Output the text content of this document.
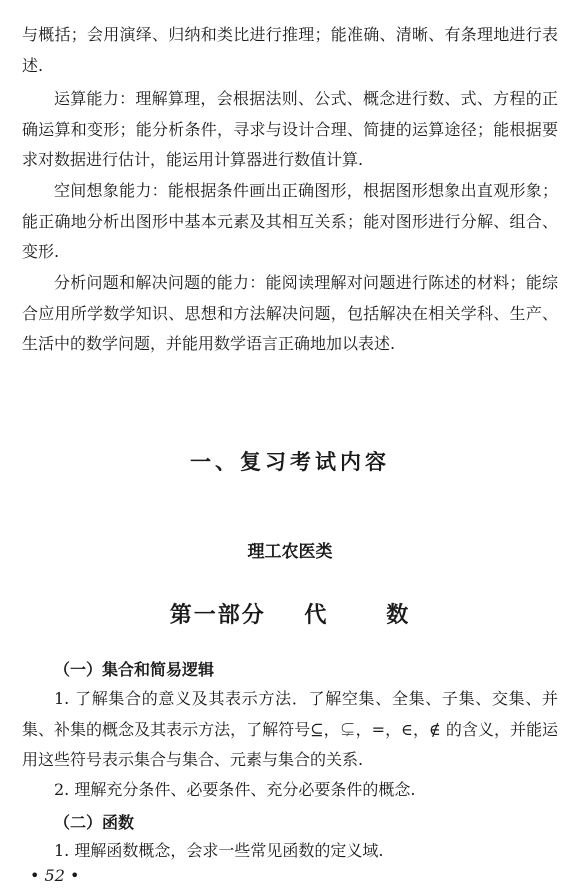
与概括；会用演绎、归纳和类比进行推理；能准确、清晰、有条理地进行表述.

运算能力：理解算理，会根据法则、公式、概念进行数、式、方程的正确运算和变形；能分析条件，寻求与设计合理、简捷的运算途径；能根据要求对数据进行估计，能运用计算器进行数值计算.

空间想象能力：能根据条件画出正确图形，根据图形想象出直观形象；能正确地分析出图形中基本元素及其相互关系；能对图形进行分解、组合、变形.

分析问题和解决问题的能力：能阅读理解对问题进行陈述的材料；能综合应用所学数学知识、思想和方法解决问题，包括解决在相关学科、生产、生活中的数学问题，并能用数学语言正确地加以表述.

一、复习考试内容
理工农医类
第一部分    代      数

（一）集合和简易逻辑

1. 了解集合的意义及其表示方法．了解空集、全集、子集、交集、并集、补集的概念及其表示方法，了解符号⊆，⊊，=，∈，∉ 的含义，并能运用这些符号表示集合与集合、元素与集合的关系.

2. 理解充分条件、必要条件、充分必要条件的概念.

（二）函数

1. 理解函数概念，会求一些常见函数的定义域.

• 52 •
